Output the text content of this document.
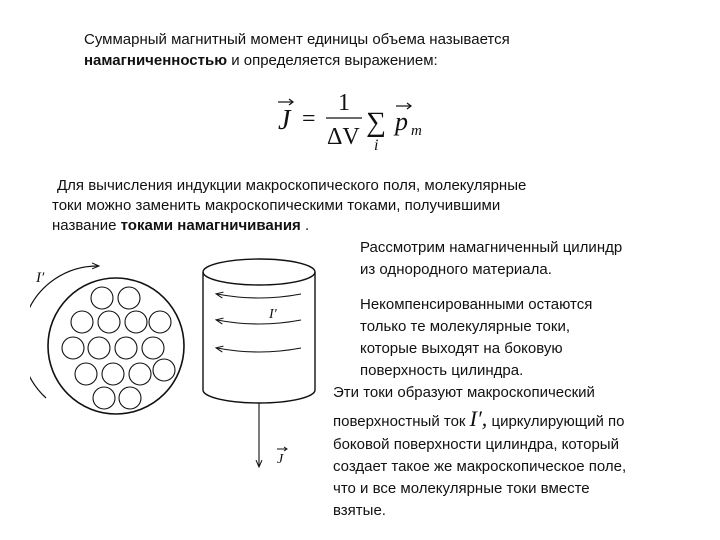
Суммарный магнитный момент единицы объема называется
намагниченностью и определяется выражением:
J =
1
ΔV ∑
i
p m
Для вычисления индукции макроскопического поля, молекулярные
токи можно заменить макроскопическими токами, получившими
название токами намагничивания .
Рассмотрим намагниченный цилиндр
из однородного материала.
Некомпенсированными остаются
только те молекулярные токи,
которые выходят на боковую
поверхность цилиндра.
Эти токи образуют макроскопический
поверхностный ток I′, циркулирующий по
боковой поверхности цилиндра, который
создает такое же макроскопическое поле,
что и все молекулярные токи вместе
взятые.
I′
I′
J
